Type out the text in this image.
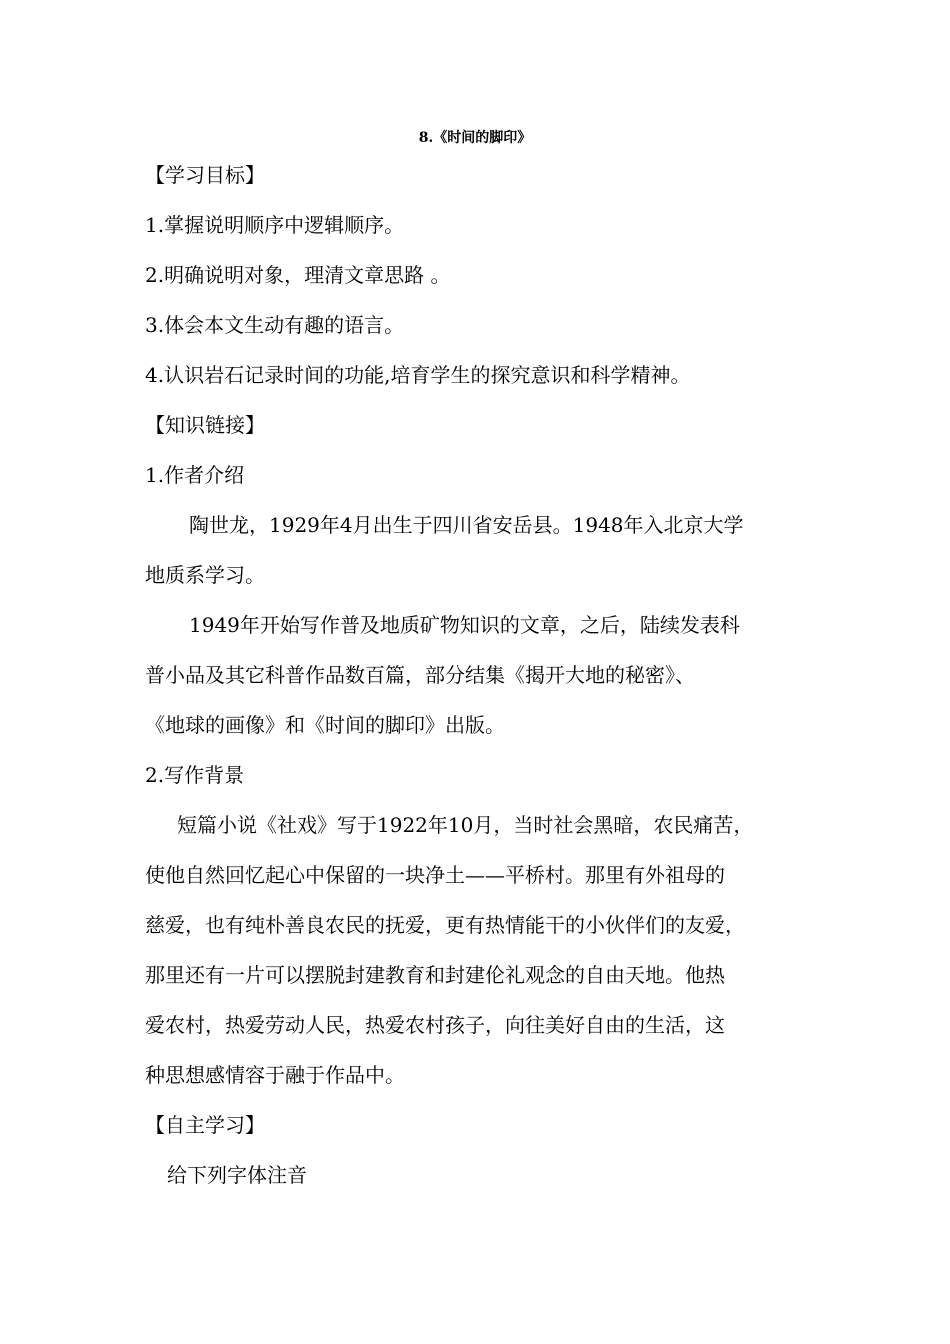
8.《时间的脚印》
【学习目标】
1.掌握说明顺序中逻辑顺序。
2.明确说明对象，理清文章思路 。
3.体会本文生动有趣的语言。
4.认识岩石记录时间的功能,培育学生的探究意识和科学精神。
【知识链接】
1.作者介绍
陶世龙，1929年4月出生于四川省安岳县。1948年入北京大学
地质系学习。
1949年开始写作普及地质矿物知识的文章，之后，陆续发表科
普小品及其它科普作品数百篇，部分结集《揭开大地的秘密》、
《地球的画像》和《时间的脚印》出版。
2.写作背景
短篇小说《社戏》写于1922年10月，当时社会黑暗，农民痛苦，
使他自然回忆起心中保留的一块净土——平桥村。那里有外祖母的
慈爱，也有纯朴善良农民的抚爱，更有热情能干的小伙伴们的友爱，
那里还有一片可以摆脱封建教育和封建伦礼观念的自由天地。他热
爱农村，热爱劳动人民，热爱农村孩子，向往美好自由的生活，这
种思想感情容于融于作品中。
【自主学习】
给下列字体注音
